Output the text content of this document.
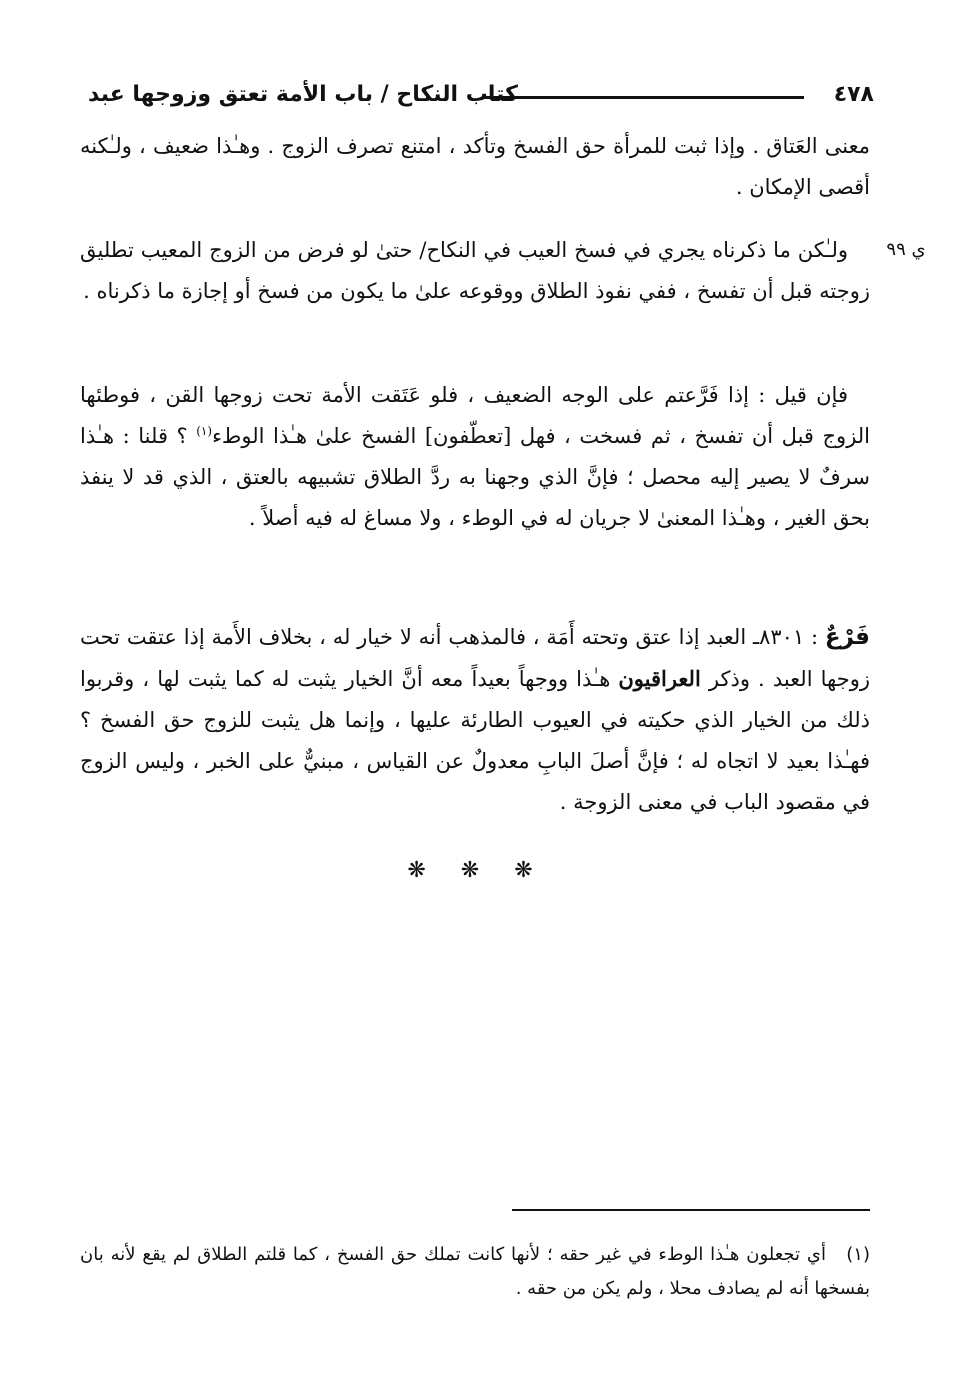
٤٧٨
كتاب النكاح / باب الأمة تعتق وزوجها عبد
ي ٩٩

معنى العَتاق . وإذا ثبت للمرأة حق الفسخ وتأكد ، امتنع تصرف الزوج . وهـٰذا ضعيف ، ولـٰكنه أقصى الإمكان .

ولـٰكن ما ذكرناه يجري في فسخ العيب في النكاح/ حتىٰ لو فرض من الزوج المعيب تطليق زوجته قبل أن تفسخ ، ففي نفوذ الطلاق ووقوعه علىٰ ما يكون من فسخ أو إجازة ما ذكرناه .

فإن قيل : إذا فَرَّعتم على الوجه الضعيف ، فلو عَتَقت الأمة تحت زوجها القن ، فوطئها الزوج قبل أن تفسخ ، ثم فسخت ، فهل [تعطّفون] الفسخ علىٰ هـٰذا الوطء$^{(١)}$ ؟ قلنا : هـٰذا سرفٌ لا يصير إليه محصل ؛ فإنَّ الذي وجهنا به ردَّ الطلاق تشبيهه بالعتق ، الذي قد لا ينفذ بحق الغير ، وهـٰذا المعنىٰ لا جريان له في الوطء ، ولا مساغ له فيه أصلاً .

فَرْعٌ : ٨٣٠١ـ العبد إذا عتق وتحته أَمَة ، فالمذهب أنه لا خيار له ، بخلاف الأَمة إذا عتقت تحت زوجها العبد . وذكر العراقيون هـٰذا ووجهاً بعيداً معه أنَّ الخيار يثبت له كما يثبت لها ، وقربوا ذلك من الخيار الذي حكيته في العيوب الطارئة عليها ، وإنما هل يثبت للزوج حق الفسخ ؟ فهـٰذا بعيد لا اتجاه له ؛ فإنَّ أصلَ البابِ معدولٌ عن القياس ، مبنيٌّ على الخبر ، وليس الزوج في مقصود الباب في معنى الزوجة .

❋ ❋ ❋

(١)أي تجعلون هـٰذا الوطء في غير حقه ؛ لأنها كانت تملك حق الفسخ ، كما قلتم الطلاق لم يقع لأنه بان بفسخها أنه لم يصادف محلا ، ولم يكن من حقه .
